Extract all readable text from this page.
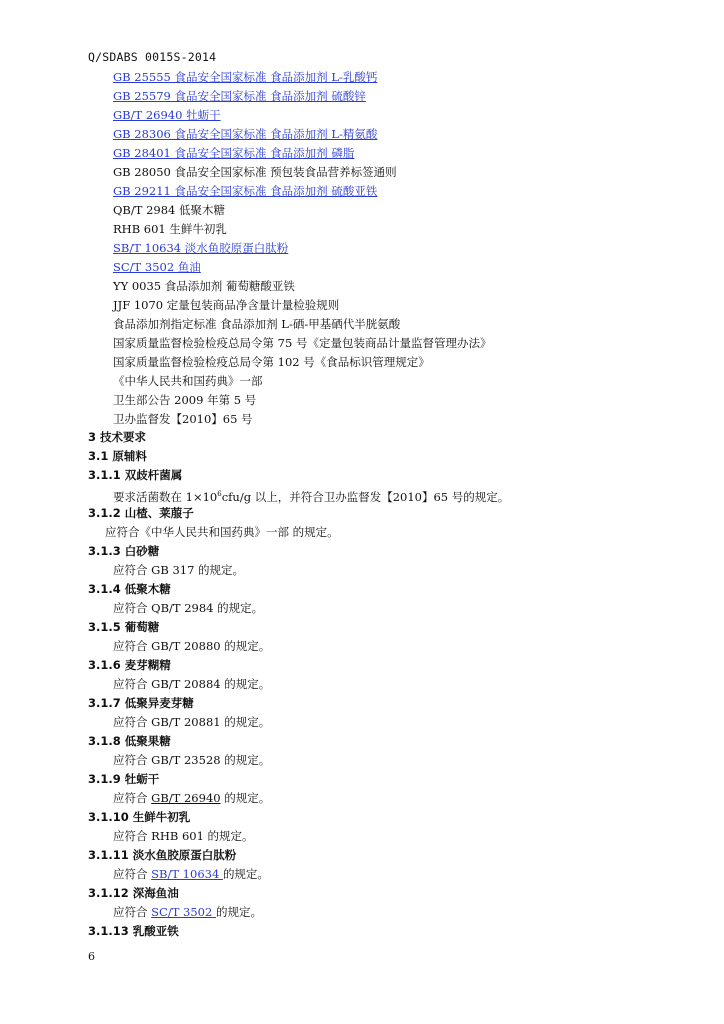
Q/SDABS 0015S-2014
GB 25555 食品安全国家标准 食品添加剂 L-乳酸钙
GB 25579 食品安全国家标准 食品添加剂 硫酸锌
GB/T 26940 牡蛎干
GB 28306 食品安全国家标准 食品添加剂 L-精氨酸
GB 28401 食品安全国家标准 食品添加剂 磷脂
GB 28050 食品安全国家标准 预包装食品营养标签通则
GB 29211 食品安全国家标准 食品添加剂 硫酸亚铁
QB/T 2984 低聚木糖
RHB 601 生鲜牛初乳
SB/T 10634 淡水鱼胶原蛋白肽粉
SC/T 3502 鱼油
YY 0035 食品添加剂 葡萄糖酸亚铁
JJF 1070 定量包装商品净含量计量检验规则
食品添加剂指定标准 食品添加剂 L-硒-甲基硒代半胱氨酸
国家质量监督检验检疫总局令第 75 号《定量包装商品计量监督管理办法》
国家质量监督检验检疫总局令第 102 号《食品标识管理规定》
《中华人民共和国药典》一部
卫生部公告 2009 年第 5 号
卫办监督发【2010】65 号
3 技术要求
3.1 原辅料
3.1.1 双歧杆菌属
要求活菌数在 $1\times 10^6cfu/g$ 以上，并符合卫办监督发【2010】65 号的规定。
3.1.2 山楂、莱菔子
应符合《中华人民共和国药典》一部 的规定。
3.1.3 白砂糖
应符合 GB 317 的规定。
3.1.4 低聚木糖
应符合 QB/T 2984 的规定。
3.1.5 葡萄糖
应符合 GB/T 20880 的规定。
3.1.6 麦芽糊精
应符合 GB/T 20884 的规定。
3.1.7 低聚异麦芽糖
应符合 GB/T 20881 的规定。
3.1.8 低聚果糖
应符合 GB/T 23528 的规定。
3.1.9 牡蛎干
应符合 GB/T 26940 的规定。
3.1.10 生鲜牛初乳
应符合 RHB 601 的规定。
3.1.11 淡水鱼胶原蛋白肽粉
应符合 SB/T 10634 的规定。
3.1.12 深海鱼油
应符合 SC/T 3502 的规定。
3.1.13 乳酸亚铁
6
